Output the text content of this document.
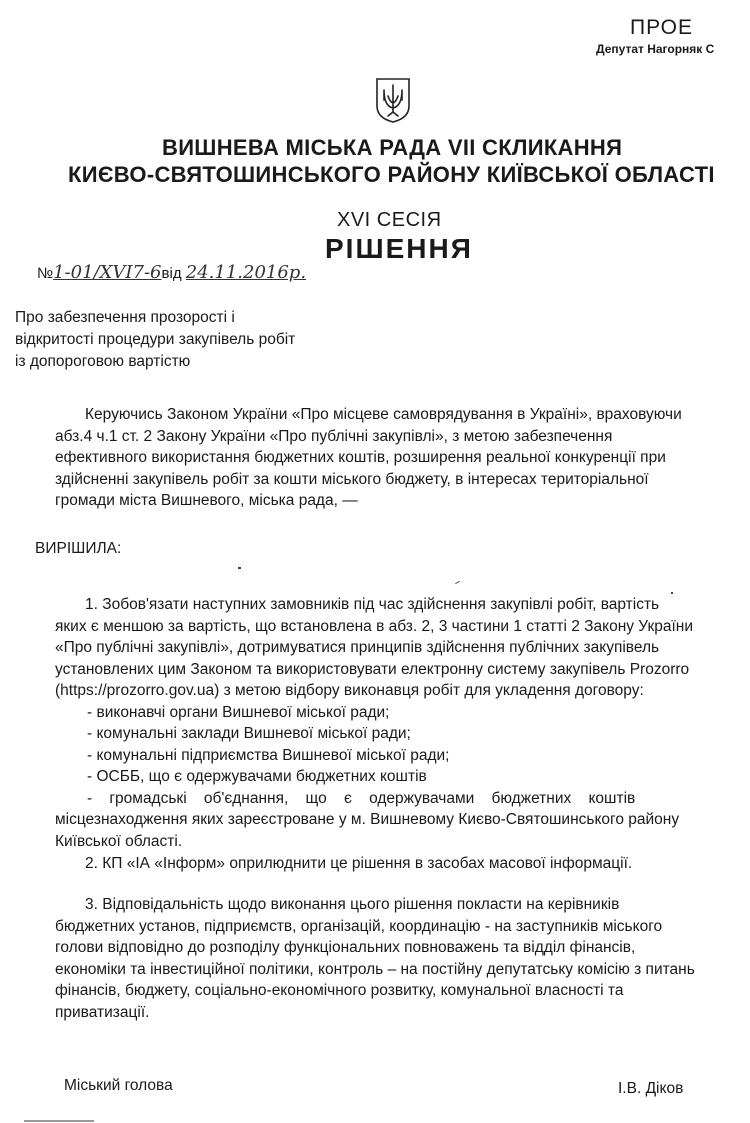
ПРОЕ
Депутат Нагорняк С
ВИШНЕВА МІСЬКА РАДА VII СКЛИКАННЯ
КИЄВО-СВЯТОШИНСЬКОГО РАЙОНУ КИЇВСЬКОЇ ОБЛАСТІ
XVI СЕСІЯ
РІШЕННЯ
№1-01/XVI7-6від 24.11.2016р.
Про забезпечення прозорості і
відкритості процедури закупівель робіт
із допороговою вартістю
Керуючись Законом України «Про місцеве самоврядування в Україні», враховуючи
абз.4 ч.1 ст. 2 Закону України «Про публічні закупівлі», з метою забезпечення
ефективного використання бюджетних коштів, розширення реальної конкуренції при
здійсненні закупівель робіт за кошти міського бюджету, в інтересах територіальної
громади міста Вишневого, міська рада, —
ВИРІШИЛА:
1. Зобов'язати наступних замовників під час здійснення закупівлі робіт, вартість
яких є меншою за вартість, що встановлена в абз. 2, 3 частини 1 статті 2 Закону України
«Про публічні закупівлі», дотримуватися принципів здійснення публічних закупівель
установлених цим Законом та використовувати електронну систему закупівель Prozorro
(https://prozorro.gov.ua) з метою відбору виконавця робіт для укладення договору:
- виконавчі органи Вишневої міської ради;
- комунальні заклади Вишневої міської ради;
- комунальні підприємства Вишневої міської ради;
- ОСББ, що є одержувачами бюджетних коштів
-    громадські    об'єднання,    що    є    одержувачами    бюджетних    коштів
місцезнаходження яких зареєстроване у м. Вишневому Києво-Святошинського району
Київської області.
2. КП «ІА «Інформ» оприлюднити це рішення в засобах масової інформації.
3. Відповідальність щодо виконання цього рішення покласти на керівників
бюджетних установ, підприємств, організацій, координацію - на заступників міського
голови відповідно до розподілу функціональних повноважень та відділ фінансів,
економіки та інвестиційної політики, контроль – на постійну депутатську комісію з питань
фінансів, бюджету, соціально-економічного розвитку, комунальної власності та
приватизації.
Міський голова	І.В. Діков
